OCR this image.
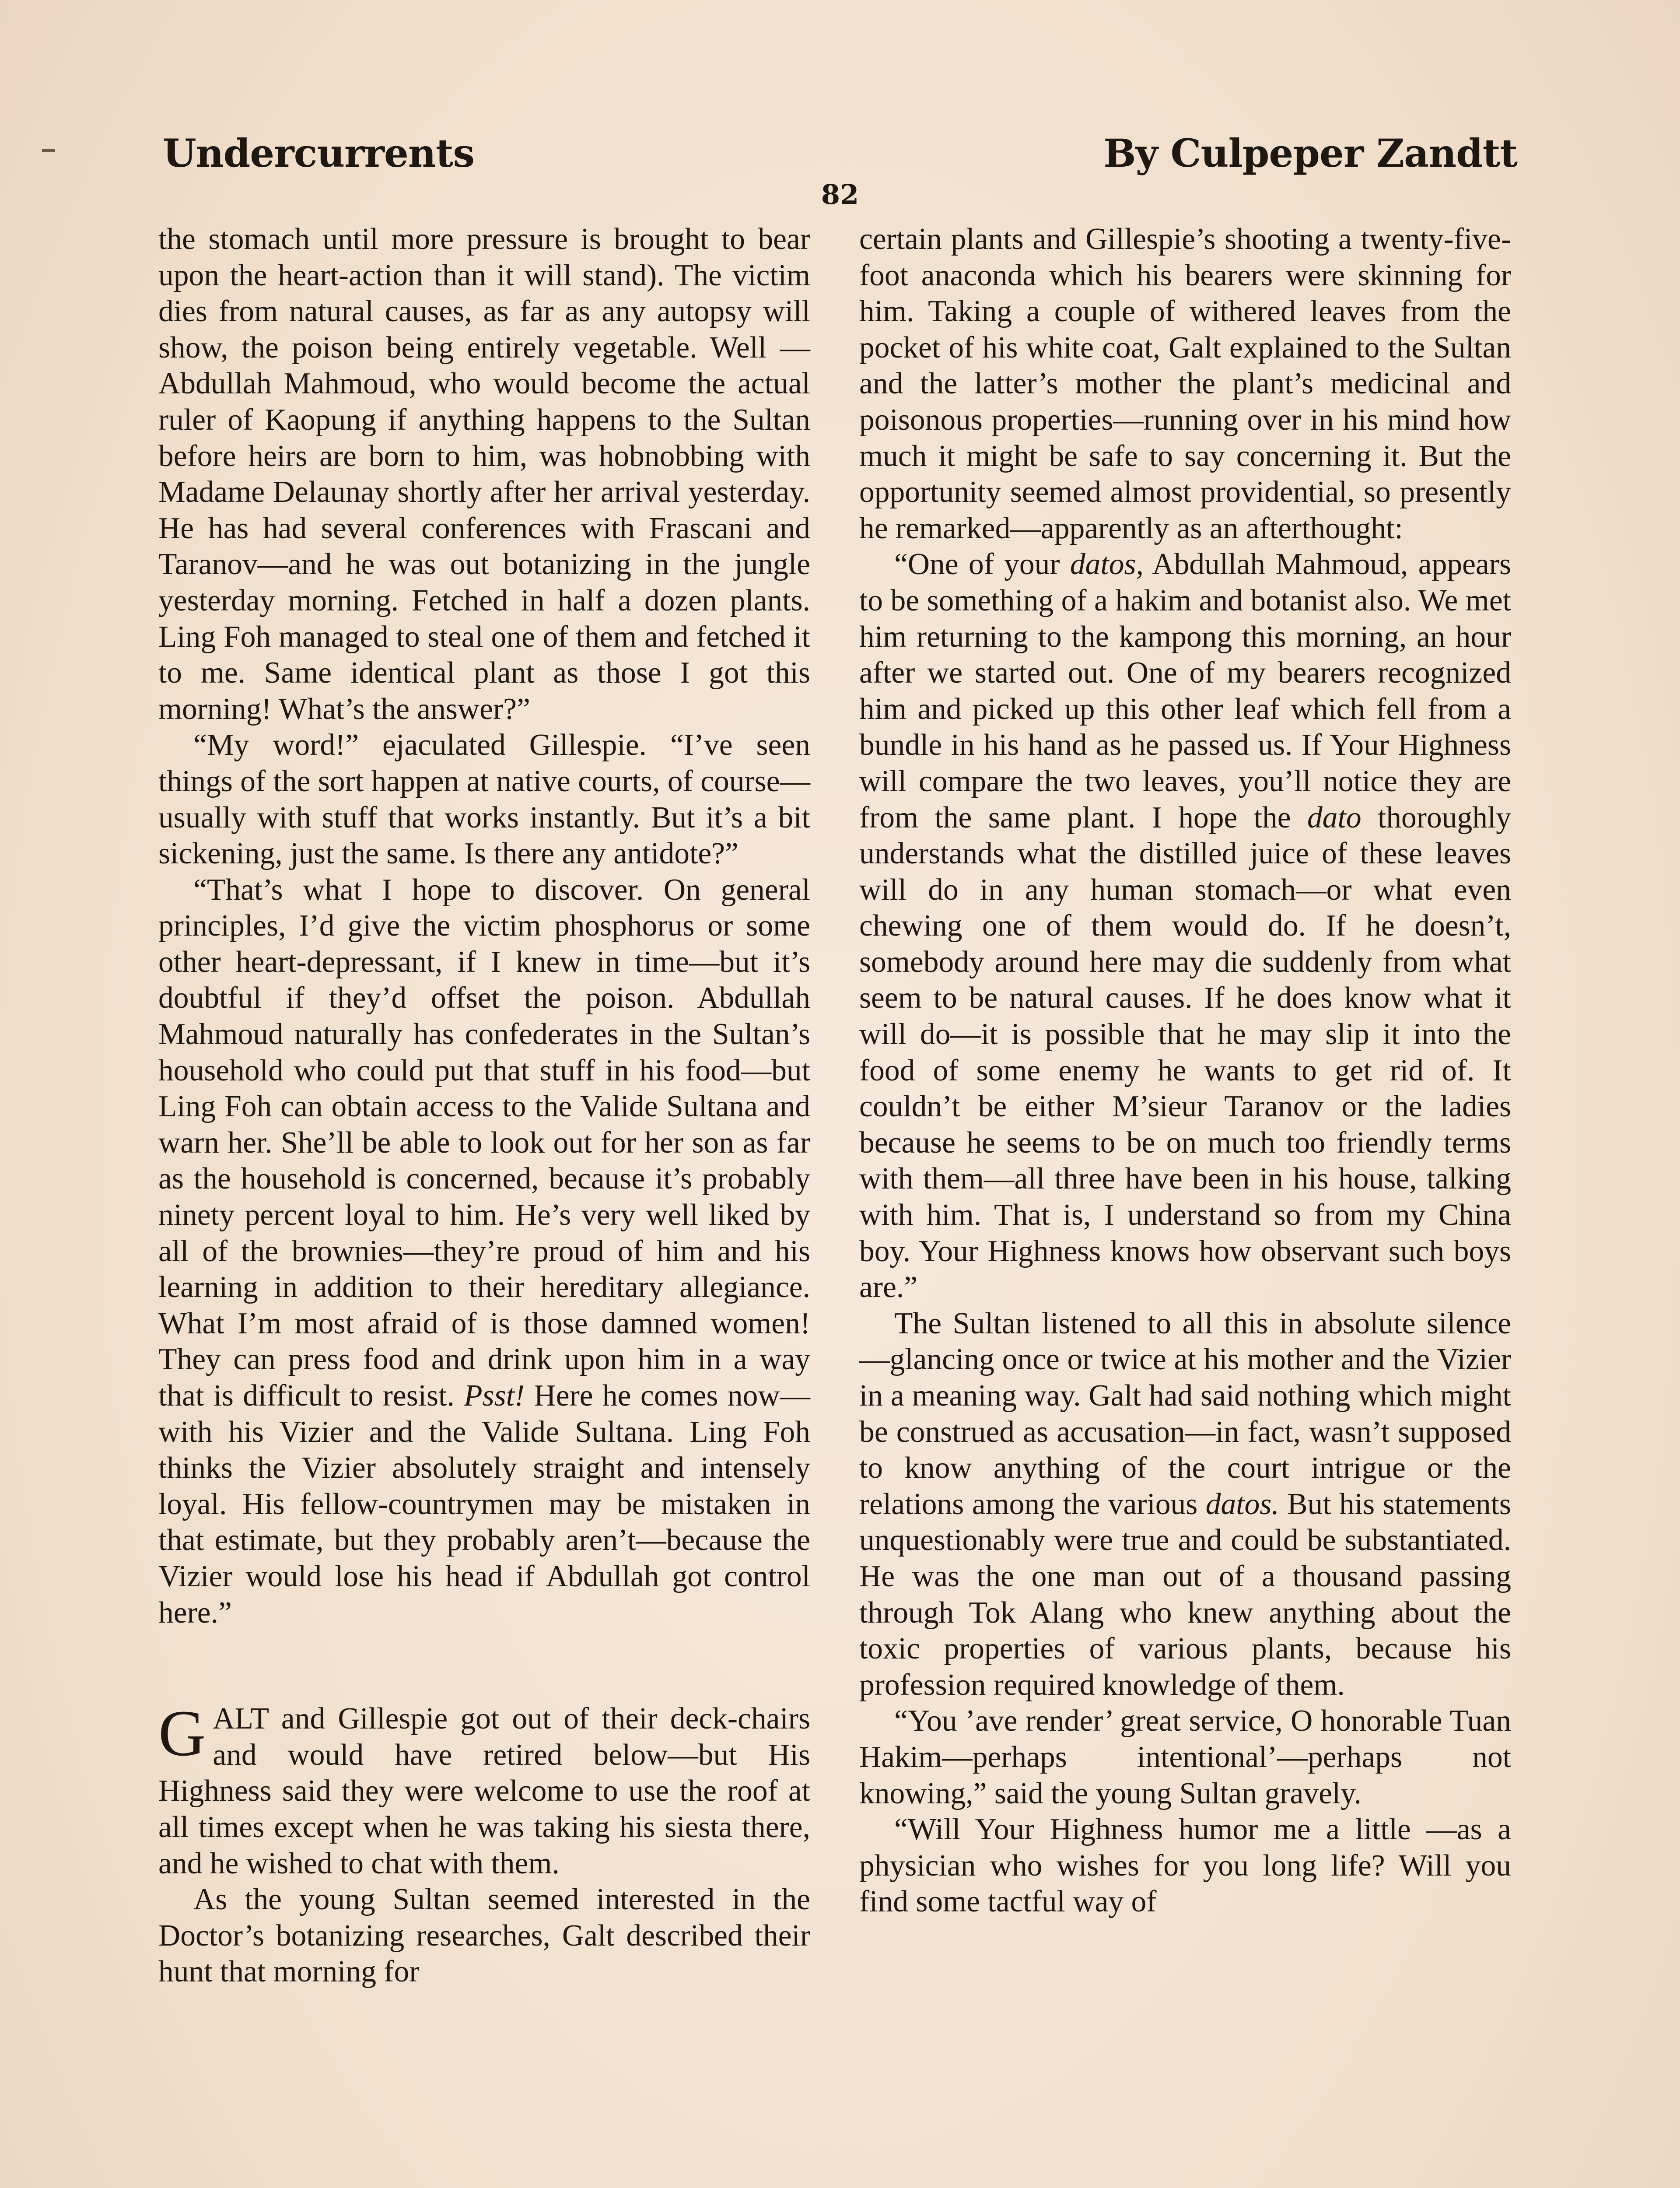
Undercurrents	By Culpeper Zandtt
82

the stomach until more pressure is brought to bear upon the heart-action than it will stand). The victim dies from natural causes, as far as any autopsy will show, the poison being entirely vegetable. Well —Abdullah Mahmoud, who would become the actual ruler of Kaopung if anything happens to the Sultan before heirs are born to him, was hobnobbing with Madame Delaunay shortly after her arrival yesterday. He has had several conferences with Frascani and Taranov—and he was out botanizing in the jungle yesterday morning. Fetched in half a dozen plants. Ling Foh managed to steal one of them and fetched it to me. Same identical plant as those I got this morning! What’s the answer?”

“My word!” ejaculated Gillespie. “I’ve seen things of the sort happen at native courts, of course—usually with stuff that works instantly. But it’s a bit sickening, just the same. Is there any antidote?”

“That’s what I hope to discover. On general principles, I’d give the victim phosphorus or some other heart-depressant, if I knew in time—but it’s doubtful if they’d offset the poison. Abdullah Mahmoud naturally has confederates in the Sultan’s household who could put that stuff in his food—but Ling Foh can obtain access to the Valide Sultana and warn her. She’ll be able to look out for her son as far as the household is concerned, because it’s probably ninety percent loyal to him. He’s very well liked by all of the brownies—they’re proud of him and his learning in addition to their hereditary allegiance. What I’m most afraid of is those damned women! They can press food and drink upon him in a way that is difficult to resist. Psst! Here he comes now—with his Vizier and the Valide Sultana. Ling Foh thinks the Vizier absolutely straight and intensely loyal. His fellow-countrymen may be mistaken in that estimate, but they probably aren’t—because the Vizier would lose his head if Abdullah got control here.”

GALT and Gillespie got out of their deck-chairs and would have retired below—but His Highness said they were welcome to use the roof at all times except when he was taking his siesta there, and he wished to chat with them.

As the young Sultan seemed interested in the Doctor’s botanizing researches, Galt described their hunt that morning for

certain plants and Gillespie’s shooting a twenty-five-foot anaconda which his bearers were skinning for him. Taking a couple of withered leaves from the pocket of his white coat, Galt explained to the Sultan and the latter’s mother the plant’s medicinal and poisonous properties—running over in his mind how much it might be safe to say concerning it. But the opportunity seemed almost providential, so presently he remarked—apparently as an afterthought:

“One of your datos, Abdullah Mahmoud, appears to be something of a hakim and botanist also. We met him returning to the kampong this morning, an hour after we started out. One of my bearers recognized him and picked up this other leaf which fell from a bundle in his hand as he passed us. If Your Highness will compare the two leaves, you’ll notice they are from the same plant. I hope the dato thoroughly understands what the distilled juice of these leaves will do in any human stomach—or what even chewing one of them would do. If he doesn’t, somebody around here may die suddenly from what seem to be natural causes. If he does know what it will do—it is possible that he may slip it into the food of some enemy he wants to get rid of. It couldn’t be either M’sieur Taranov or the ladies because he seems to be on much too friendly terms with them—all three have been in his house, talking with him. That is, I understand so from my China boy. Your Highness knows how observant such boys are.”

The Sultan listened to all this in absolute silence—glancing once or twice at his mother and the Vizier in a meaning way. Galt had said nothing which might be construed as accusation—in fact, wasn’t supposed to know anything of the court intrigue or the relations among the various datos. But his statements unquestionably were true and could be substantiated. He was the one man out of a thousand passing through Tok Alang who knew anything about the toxic properties of various plants, because his profession required knowledge of them.

“You ’ave render’ great service, O honorable Tuan Hakim—perhaps intentional’—perhaps not knowing,” said the young Sultan gravely.

“Will Your Highness humor me a little —as a physician who wishes for you long life? Will you find some tactful way of
